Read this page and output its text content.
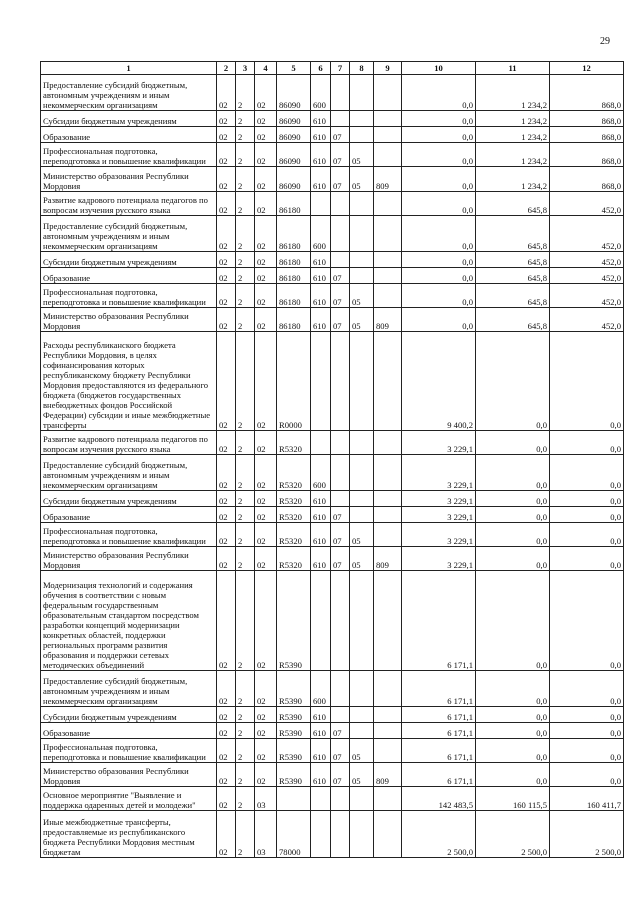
29
1	2	3	4	5	6	7	8	9	10	11	12
Предоставление субсидий бюджетным, автономным учреждениям и иным некоммерческим организациям	02	2	02	86090	600				0,0	1 234,2	868,0
Субсидии бюджетным учреждениям	02	2	02	86090	610				0,0	1 234,2	868,0
Образование	02	2	02	86090	610	07			0,0	1 234,2	868,0
Профессиональная подготовка, переподготовка и повышение квалификации	02	2	02	86090	610	07	05		0,0	1 234,2	868,0
Министерство образования Республики Мордовия	02	2	02	86090	610	07	05	809	0,0	1 234,2	868,0
Развитие кадрового потенциала педагогов по вопросам изучения русского языка	02	2	02	86180					0,0	645,8	452,0
Предоставление субсидий бюджетным, автономным учреждениям и иным некоммерческим организациям	02	2	02	86180	600				0,0	645,8	452,0
Субсидии бюджетным учреждениям	02	2	02	86180	610				0,0	645,8	452,0
Образование	02	2	02	86180	610	07			0,0	645,8	452,0
Профессиональная подготовка, переподготовка и повышение квалификации	02	2	02	86180	610	07	05		0,0	645,8	452,0
Министерство образования Республики Мордовия	02	2	02	86180	610	07	05	809	0,0	645,8	452,0
Расходы республиканского бюджета Республики Мордовия, в целях софинансирования которых республиканскому бюджету Республики Мордовия предоставляются из федерального бюджета (бюджетов государственных внебюджетных фондов Российской Федерации) субсидии и иные межбюджетные трансферты	02	2	02	R0000					9 400,2	0,0	0,0
Развитие кадрового потенциала педагогов по вопросам изучения русского языка	02	2	02	R5320					3 229,1	0,0	0,0
Предоставление субсидий бюджетным, автономным учреждениям и иным некоммерческим организациям	02	2	02	R5320	600				3 229,1	0,0	0,0
Субсидии бюджетным учреждениям	02	2	02	R5320	610				3 229,1	0,0	0,0
Образование	02	2	02	R5320	610	07			3 229,1	0,0	0,0
Профессиональная подготовка, переподготовка и повышение квалификации	02	2	02	R5320	610	07	05		3 229,1	0,0	0,0
Министерство образования Республики Мордовия	02	2	02	R5320	610	07	05	809	3 229,1	0,0	0,0
Модернизация технологий и содержания обучения в соответствии с новым федеральным государственным образовательным стандартом посредством разработки концепций модернизации конкретных областей, поддержки региональных программ развития образования и поддержки сетевых методических объединений	02	2	02	R5390					6 171,1	0,0	0,0
Предоставление субсидий бюджетным, автономным учреждениям и иным некоммерческим организациям	02	2	02	R5390	600				6 171,1	0,0	0,0
Субсидии бюджетным учреждениям	02	2	02	R5390	610				6 171,1	0,0	0,0
Образование	02	2	02	R5390	610	07			6 171,1	0,0	0,0
Профессиональная подготовка, переподготовка и повышение квалификации	02	2	02	R5390	610	07	05		6 171,1	0,0	0,0
Министерство образования Республики Мордовия	02	2	02	R5390	610	07	05	809	6 171,1	0,0	0,0
Основное мероприятие "Выявление и поддержка одаренных детей и молодежи"	02	2	03						142 483,5	160 115,5	160 411,7
Иные межбюджетные трансферты, предоставляемые из республиканского бюджета Республики Мордовия местным бюджетам	02	2	03	78000					2 500,0	2 500,0	2 500,0
